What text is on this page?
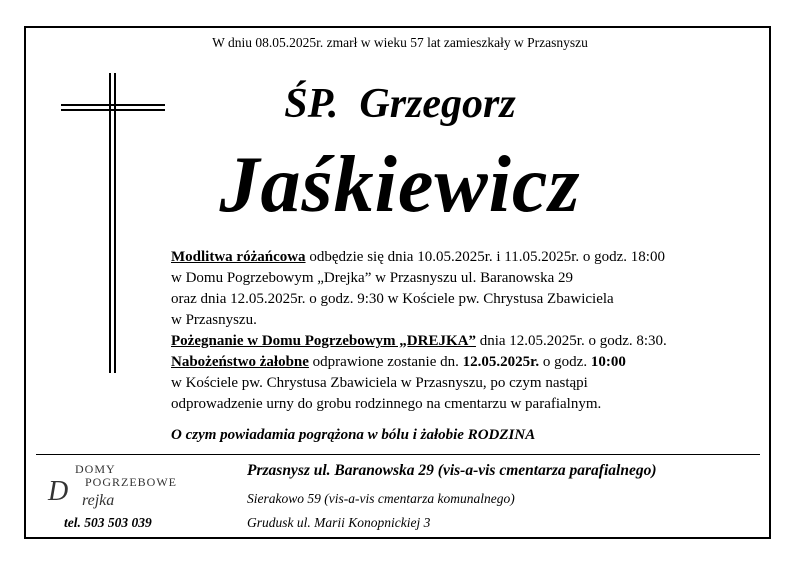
W dniu 08.05.2025r. zmarł w wieku 57 lat zamieszkały w Przasnyszu
ŚP.  Grzegorz
Jaśkiewicz

Modlitwa różańcowa odbędzie się dnia 10.05.2025r. i 11.05.2025r. o godz. 18:00

w Domu Pogrzebowym „Drejka” w Przasnyszu ul. Baranowska 29

oraz dnia 12.05.2025r. o godz. 9:30 w Kościele pw. Chrystusa Zbawiciela

w Przasnyszu.

Pożegnanie w Domu Pogrzebowym „DREJKA” dnia 12.05.2025r. o godz. 8:30.

Nabożeństwo żałobne odprawione zostanie dn. 12.05.2025r. o godz. 10:00

w Kościele pw. Chrystusa Zbawiciela w Przasnyszu, po czym nastąpi

odprowadzenie urny do grobu rodzinnego na cmentarzu w parafialnym.

O czym powiadamia pogrążona w bólu i żałobie RODZINA
DOMY
POGRZEBOWE
D rejka
tel. 503 503 039
Przasnysz ul. Baranowska 29 (vis-a-vis cmentarza parafialnego)
Sierakowo 59 (vis-a-vis cmentarza komunalnego)
Grudusk ul. Marii Konopnickiej 3
